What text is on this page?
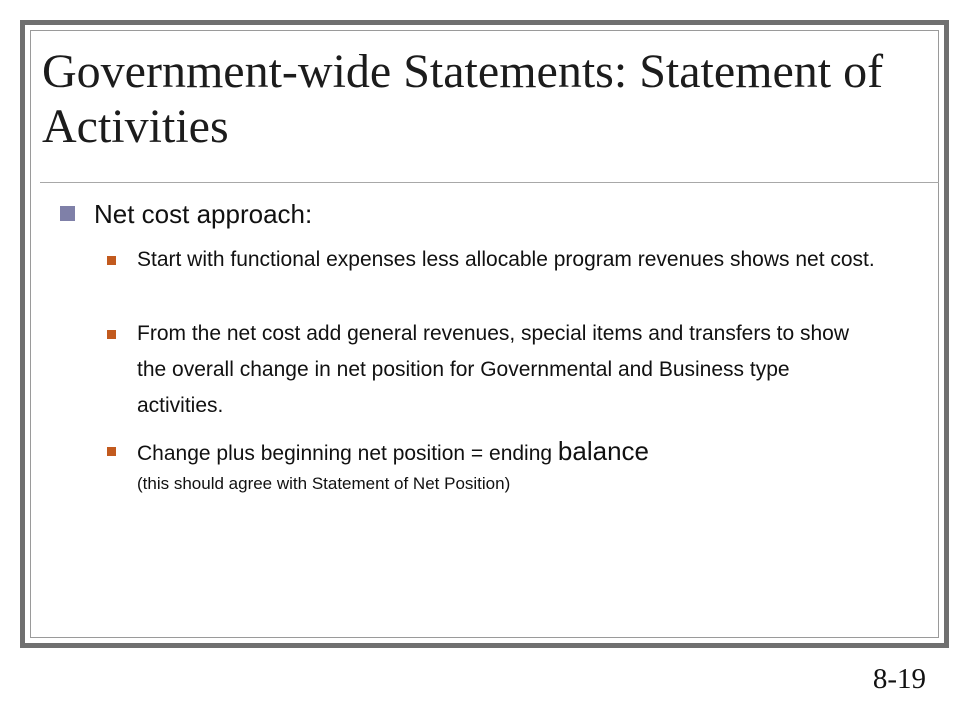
Government-wide Statements: Statement of Activities
Net cost approach:
Start with functional expenses less allocable program revenues shows net cost.
From the net cost add general revenues, special items and transfers to show the overall change in net position for Governmental and Business type activities.
Change plus beginning net position = ending balance
(this should agree with Statement of Net Position)
8-19
